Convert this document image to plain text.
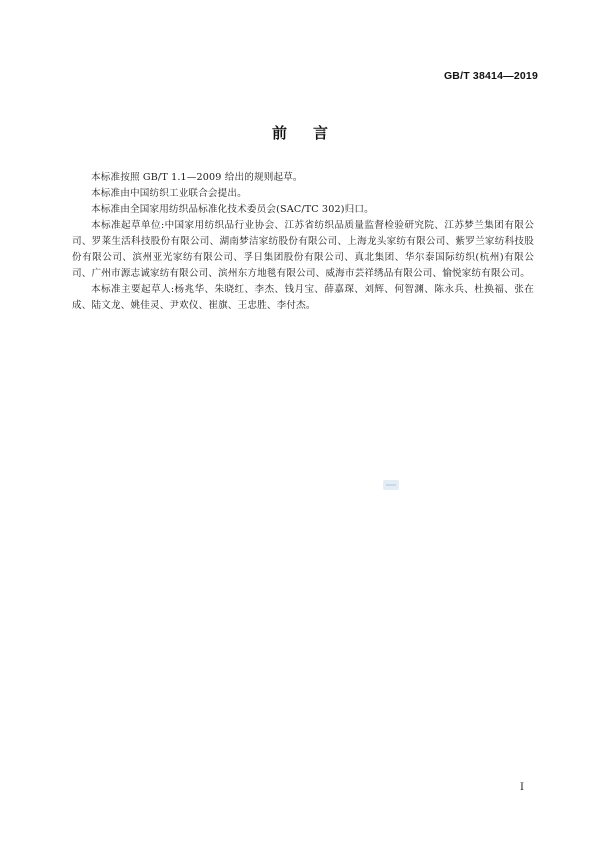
GB/T 38414—2019
前言

本标准按照 GB/T 1.1—2009 给出的规则起草。

本标准由中国纺织工业联合会提出。

本标准由全国家用纺织品标准化技术委员会(SAC/TC 302)归口。

本标准起草单位:中国家用纺织品行业协会、江苏省纺织品质量监督检验研究院、江苏梦兰集团有限公司、罗莱生活科技股份有限公司、湖南梦洁家纺股份有限公司、上海龙头家纺有限公司、紫罗兰家纺科技股份有限公司、滨州亚光家纺有限公司、孚日集团股份有限公司、真北集团、华尔泰国际纺织(杭州)有限公司、广州市源志诚家纺有限公司、滨州东方地毯有限公司、威海市芸祥绣品有限公司、愉悦家纺有限公司。

本标准主要起草人:杨兆华、朱晓红、李杰、钱月宝、薛嘉琛、刘辉、何智渊、陈永兵、杜换福、张在成、陆文龙、姚佳灵、尹欢仪、崔旗、王忠胜、李付杰。

I
